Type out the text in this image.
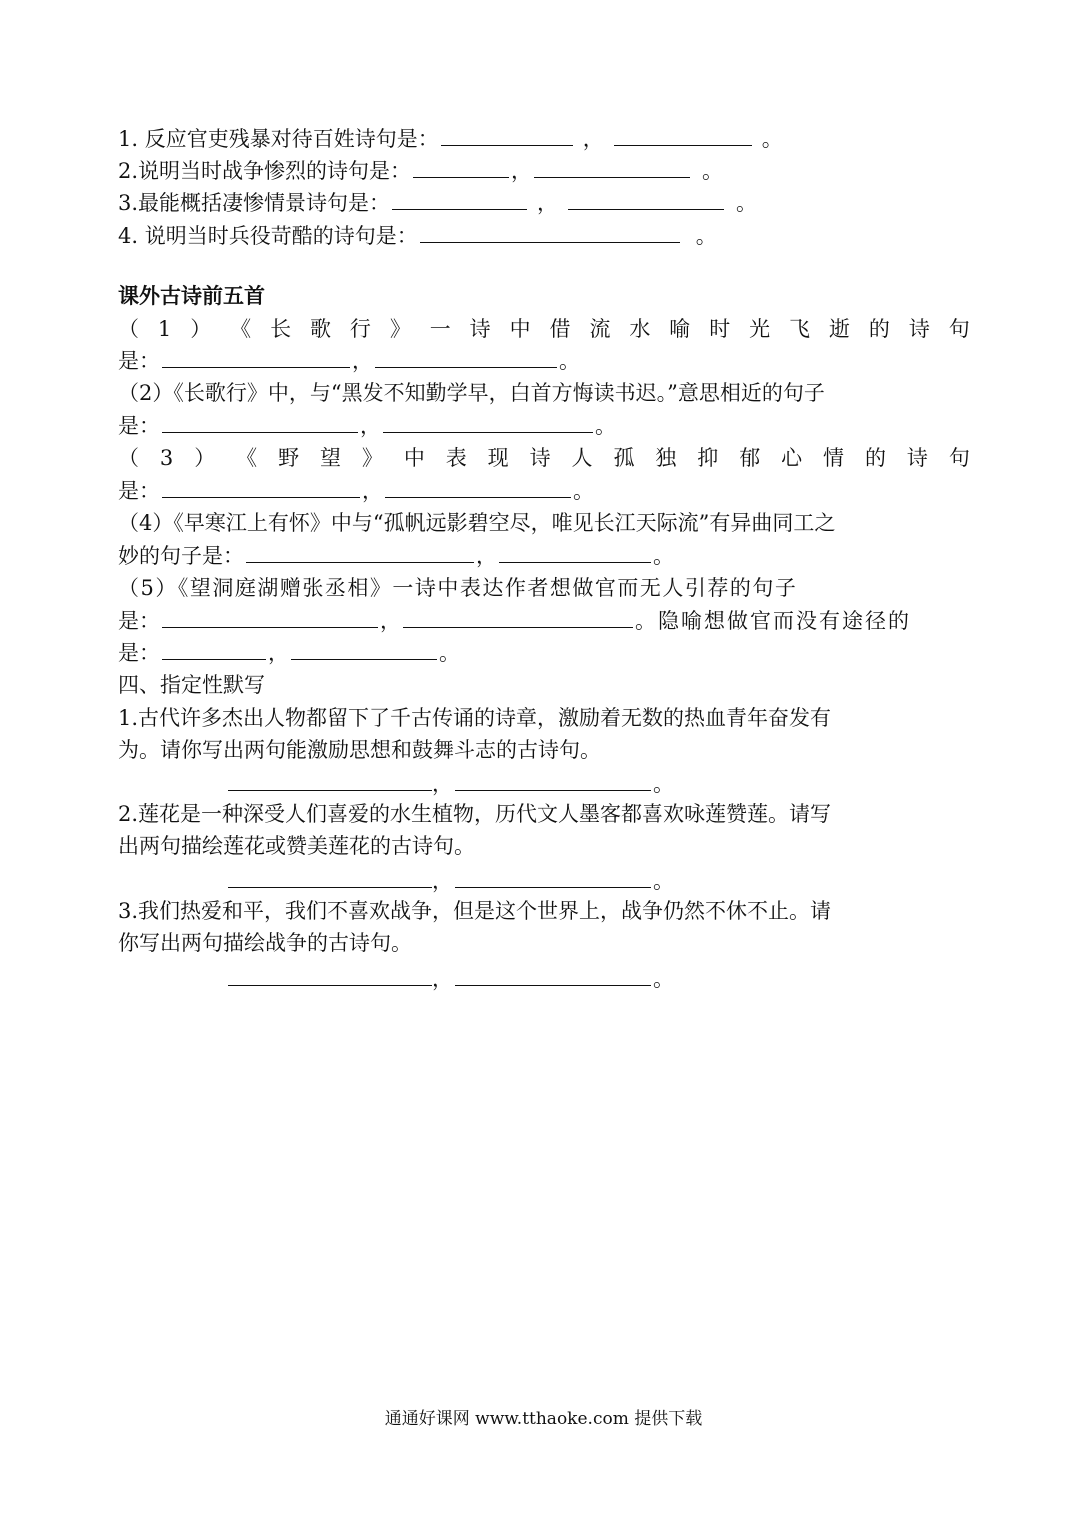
1. 反应官吏残暴对待百姓诗句是：	，	。
2.说明当时战争惨烈的诗句是：	，	。
3.最能概括凄惨情景诗句是：	，	。
4. 说明当时兵役苛酷的诗句是：	。
课外古诗前五首
（ 1 ） 《 长 歌 行 》 一 诗 中 借 流 水 喻 时 光 飞 逝 的 诗 句
是：	，	。
（2）《长歌行》中，与“黑发不知勤学早，白首方悔读书迟。”意思相近的句子
是：	，	。
（ 3 ） 《 野 望 》 中 表 现 诗 人 孤 独 抑 郁 心 情 的 诗 句
是：	，	。
（4）《早寒江上有怀》中与“孤帆远影碧空尽，唯见长江天际流”有异曲同工之
妙的句子是：	，	。
（5）《望洞庭湖赠张丞相》一诗中表达作者想做官而无人引荐的句子
是：	，	。隐喻想做官而没有途径的
是：	，	。
四、指定性默写
1.古代许多杰出人物都留下了千古传诵的诗章，激励着无数的热血青年奋发有
为。请你写出两句能激励思想和鼓舞斗志的古诗句。
，	。
2.莲花是一种深受人们喜爱的水生植物，历代文人墨客都喜欢咏莲赞莲。请写
出两句描绘莲花或赞美莲花的古诗句。
，	。
3.我们热爱和平，我们不喜欢战争，但是这个世界上，战争仍然不休不止。请
你写出两句描绘战争的古诗句。
，	。
通通好课网 www.tthaoke.com 提供下载
